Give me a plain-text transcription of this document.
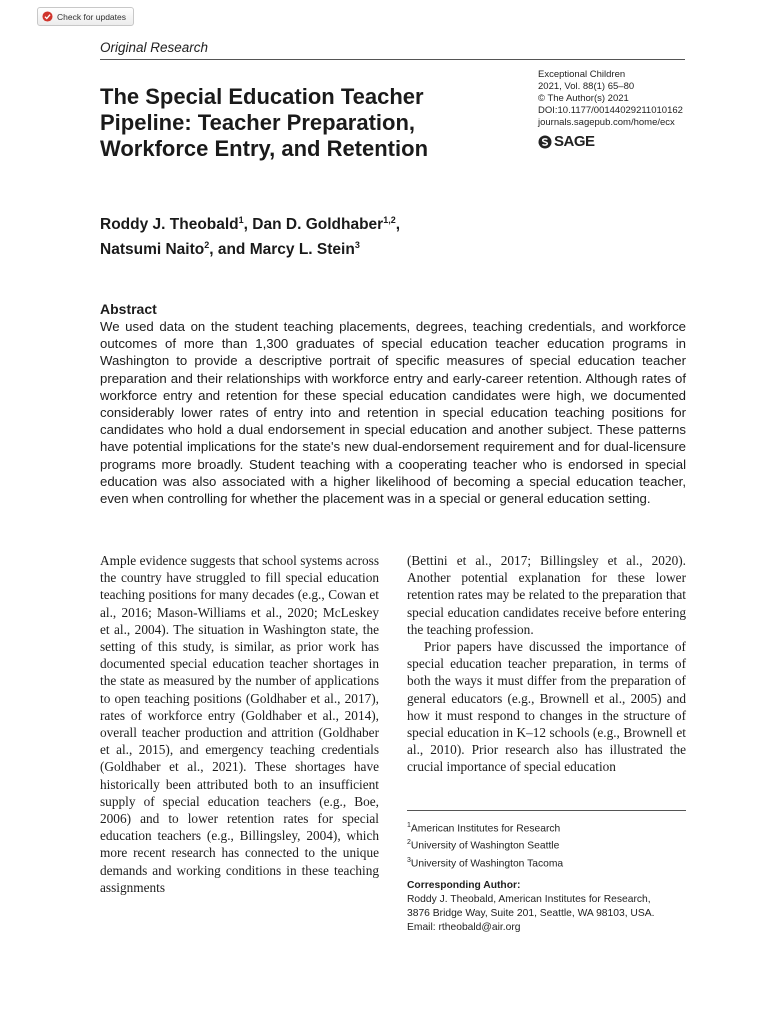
Check for updates
Original Research
The Special Education Teacher Pipeline: Teacher Preparation, Workforce Entry, and Retention
Exceptional Children
2021, Vol. 88(1) 65–80
© The Author(s) 2021
DOI:10.1177/00144029211010162
journals.sagepub.com/home/ecx
SAGE
Roddy J. Theobald$^1$, Dan D. Goldhaber$^{1,2}$,
Natsumi Naito$^2$, and Marcy L. Stein$^3$
Abstract

We used data on the student teaching placements, degrees, teaching credentials, and workforce outcomes of more than 1,300 graduates of special education teacher education programs in Washington to provide a descriptive portrait of specific measures of special education teacher preparation and their relationships with workforce entry and early-career retention. Although rates of workforce entry and retention for these special education candidates were high, we documented considerably lower rates of entry into and retention in special education teaching positions for candidates who hold a dual endorsement in special education and another subject. These patterns have potential implications for the state's new dual-endorsement requirement and for dual-licensure programs more broadly. Student teaching with a cooperating teacher who is endorsed in special education was also associated with a higher likelihood of becoming a special education teacher, even when controlling for whether the placement was in a special or general education setting.

Ample evidence suggests that school systems across the country have struggled to fill special education teaching positions for many decades (e.g., Cowan et al., 2016; Mason-Williams et al., 2020; McLeskey et al., 2004). The situation in Washington state, the setting of this study, is similar, as prior work has documented special education teacher shortages in the state as measured by the number of applications to open teaching positions (Goldhaber et al., 2017), rates of workforce entry (Goldhaber et al., 2014), overall teacher production and attrition (Goldhaber et al., 2015), and emergency teaching credentials (Goldhaber et al., 2021). These shortages have historically been attributed both to an insufficient supply of special education teachers (e.g., Boe, 2006) and to lower retention rates for special education teachers (e.g., Billingsley, 2004), which more recent research has connected to the unique demands and working conditions in these teaching assignments

(Bettini et al., 2017; Billingsley et al., 2020). Another potential explanation for these lower retention rates may be related to the preparation that special education candidates receive before entering the teaching profession.

Prior papers have discussed the importance of special education teacher preparation, in terms of both the ways it must differ from the preparation of general educators (e.g., Brownell et al., 2005) and how it must respond to changes in the structure of special education in K–12 schools (e.g., Brownell et al., 2010). Prior research also has illustrated the crucial importance of special education

$^1$American Institutes for Research
$^2$University of Washington Seattle
$^3$University of Washington Tacoma
Corresponding Author:
Roddy J. Theobald, American Institutes for Research,
3876 Bridge Way, Suite 201, Seattle, WA 98103, USA.
Email: rtheobald@air.org
